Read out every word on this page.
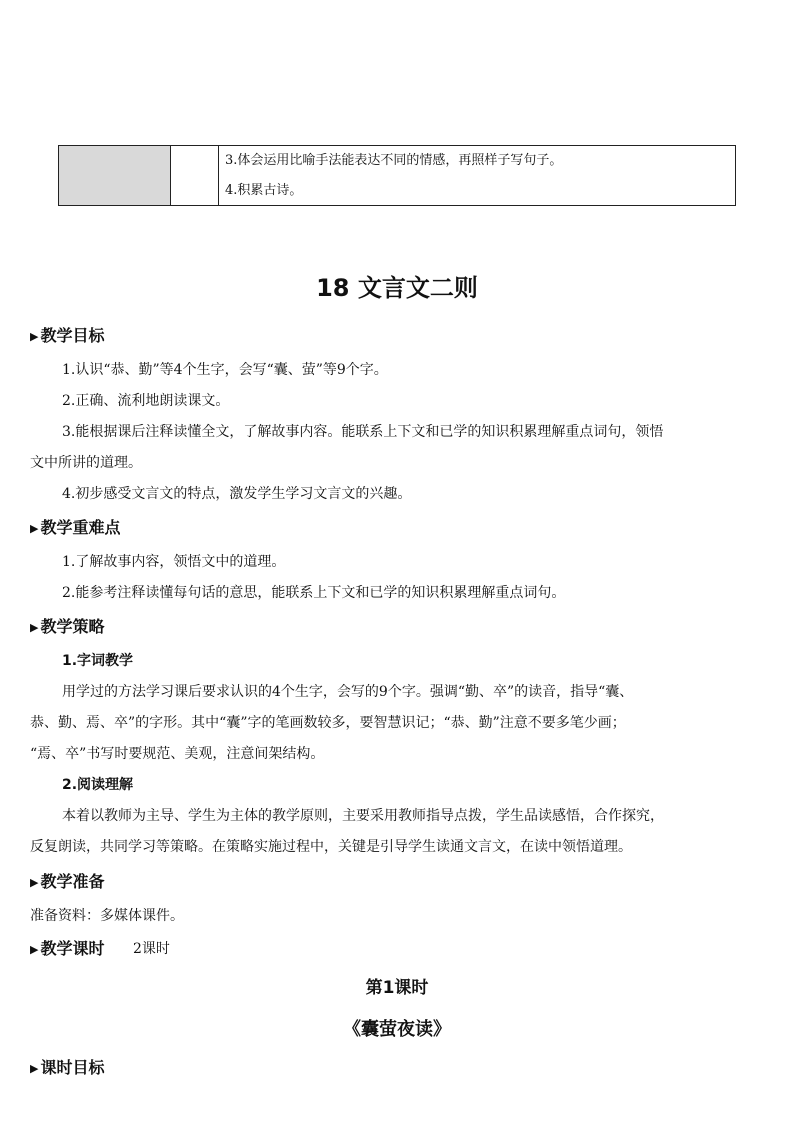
3.体会运用比喻手法能表达不同的情感，再照样子写句子。
4.积累古诗。
18 文言文二则
▶ 教学目标
1.认识“恭、勤”等4个生字，会写“囊、萤”等9个字。
2.正确、流利地朗读课文。
3.能根据课后注释读懂全文，了解故事内容。能联系上下文和已学的知识积累理解重点词句，领悟
文中所讲的道理。
4.初步感受文言文的特点，激发学生学习文言文的兴趣。
▶ 教学重难点
1.了解故事内容，领悟文中的道理。
2.能参考注释读懂每句话的意思，能联系上下文和已学的知识积累理解重点词句。
▶ 教学策略
1.字词教学
用学过的方法学习课后要求认识的4个生字，会写的9个字。强调“勤、卒”的读音，指导“囊、
恭、勤、焉、卒”的字形。其中“囊”字的笔画数较多，要智慧识记；“恭、勤”注意不要多笔少画；
“焉、卒”书写时要规范、美观，注意间架结构。
2.阅读理解
本着以教师为主导、学生为主体的教学原则，主要采用教师指导点拨，学生品读感悟，合作探究，
反复朗读，共同学习等策略。在策略实施过程中，关键是引导学生读通文言文，在读中领悟道理。
▶ 教学准备
准备资料：多媒体课件。
▶ 教学课时 2课时
第1课时
《囊萤夜读》
▶ 课时目标
